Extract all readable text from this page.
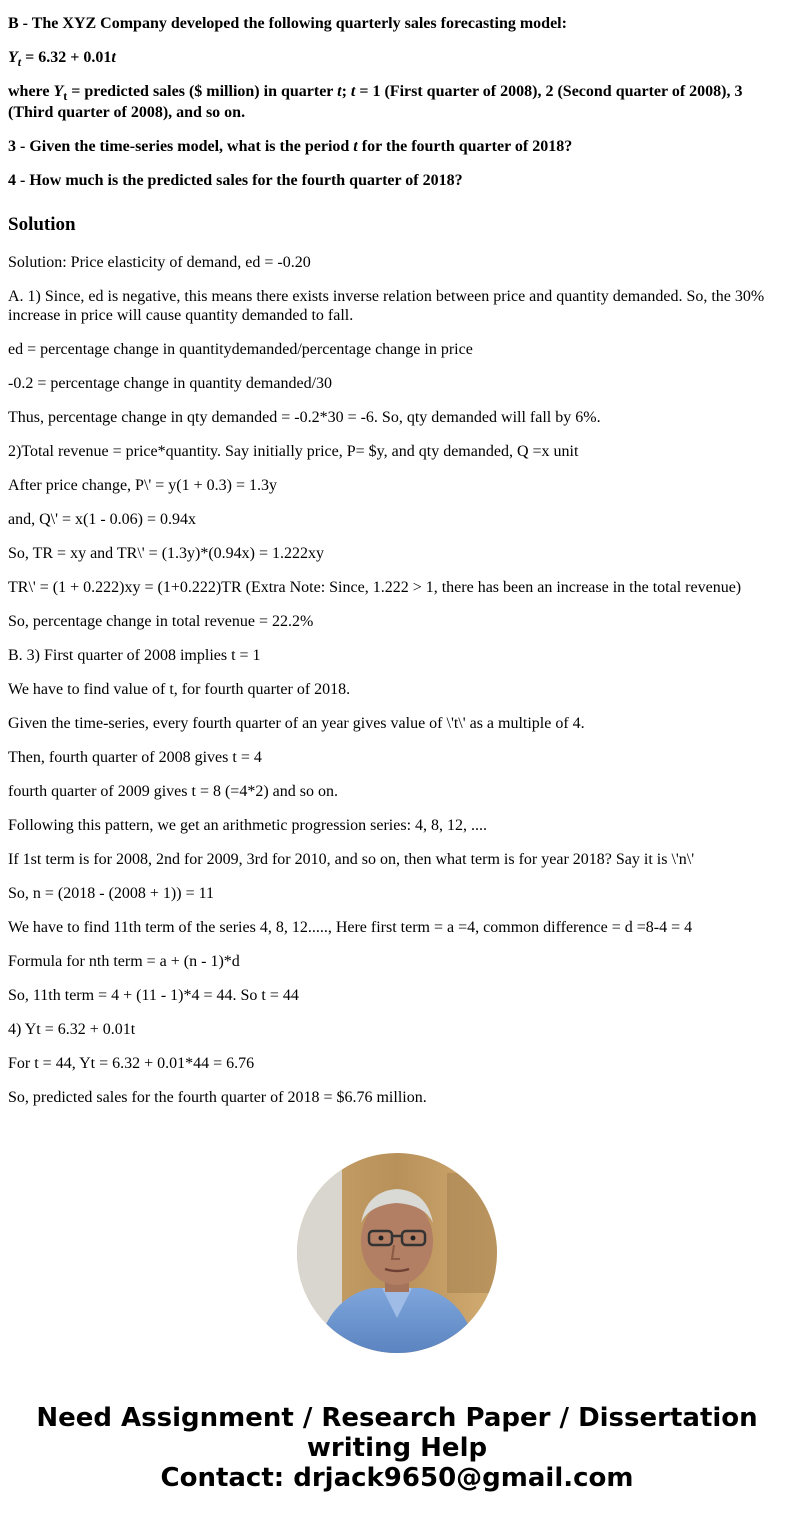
B - The XYZ Company developed the following quarterly sales forecasting model:

$Y_t = 6.32 + 0.01t$

where $Y_t$ = predicted sales ($ million) in quarter t; t = 1 (First quarter of 2008), 2 (Second quarter of 2008), 3 (Third quarter of 2008), and so on.

3 - Given the time-series model, what is the period t for the fourth quarter of 2018?

4 - How much is the predicted sales for the fourth quarter of 2018?

Solution

Solution: Price elasticity of demand, ed = -0.20

A. 1) Since, ed is negative, this means there exists inverse relation between price and quantity demanded. So, the 30% increase in price will cause quantity demanded to fall.

ed = percentage change in quantitydemanded/percentage change in price

-0.2 = percentage change in quantity demanded/30

Thus, percentage change in qty demanded = -0.2*30 = -6. So, qty demanded will fall by 6%.

2)Total revenue = price*quantity. Say initially price, P= $y, and qty demanded, Q =x unit

After price change, P\' = y(1 + 0.3) = 1.3y

and, Q\' = x(1 - 0.06) = 0.94x

So, TR = xy and TR\' = (1.3y)*(0.94x) = 1.222xy

TR\' = (1 + 0.222)xy = (1+0.222)TR (Extra Note: Since, 1.222 > 1, there has been an increase in the total revenue)

So, percentage change in total revenue = 22.2%

B. 3) First quarter of 2008 implies t = 1

We have to find value of t, for fourth quarter of 2018.

Given the time-series, every fourth quarter of an year gives value of \'t\' as a multiple of 4.

Then, fourth quarter of 2008 gives t = 4

fourth quarter of 2009 gives t = 8 (=4*2) and so on.

Following this pattern, we get an arithmetic progression series: 4, 8, 12, ....

If 1st term is for 2008, 2nd for 2009, 3rd for 2010, and so on, then what term is for year 2018? Say it is \'n\'

So, n = (2018 - (2008 + 1)) = 11

We have to find 11th term of the series 4, 8, 12....., Here first term = a =4, common difference = d =8-4 = 4

Formula for nth term = a + (n - 1)*d

So, 11th term = 4 + (11 - 1)*4 = 44. So t = 44

4) Yt = 6.32 + 0.01t

For t = 44, Yt = 6.32 + 0.01*44 = 6.76

So, predicted sales for the fourth quarter of 2018 = $6.76 million.

Need Assignment / Research Paper / Dissertation
writing Help
Contact: drjack9650@gmail.com
